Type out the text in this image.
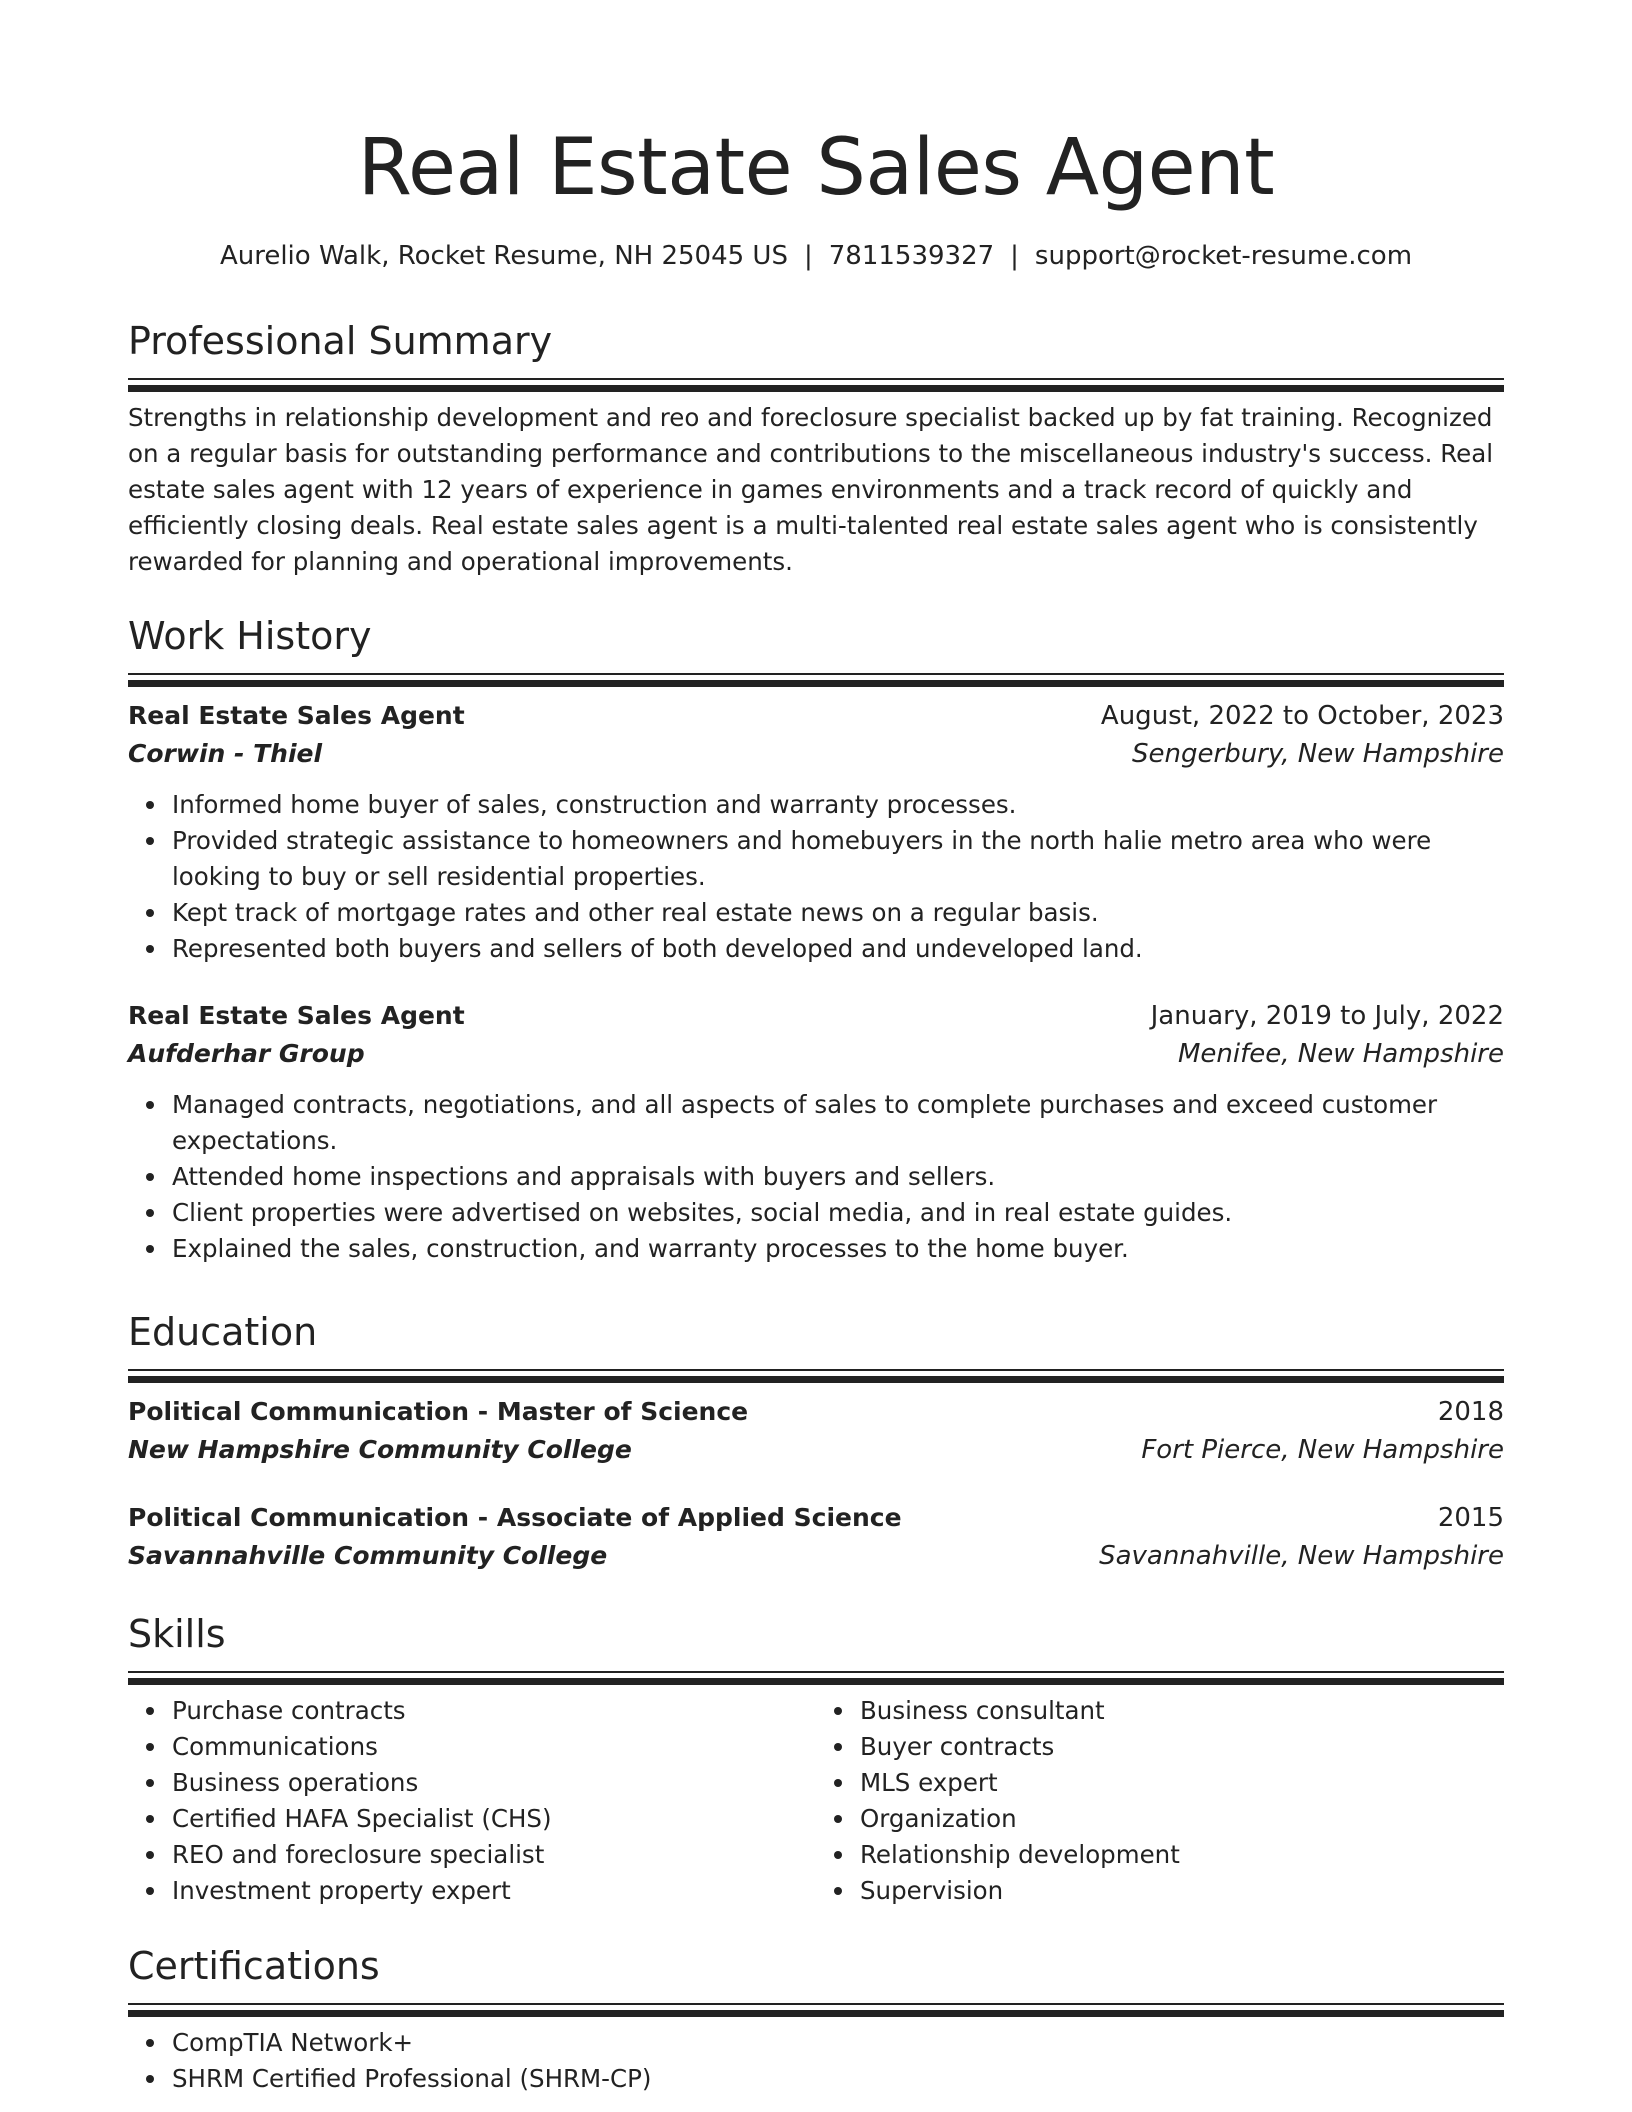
Real Estate Sales Agent
Aurelio Walk, Rocket Resume, NH 25045 US | 7811539327 | support@rocket-resume.com
Professional Summary

Strengths in relationship development and reo and foreclosure specialist backed up by fat training. Recognized on a regular basis for outstanding performance and contributions to the miscellaneous industry's success. Real estate sales agent with 12 years of experience in games environments and a track record of quickly and efficiently closing deals. Real estate sales agent is a multi-talented real estate sales agent who is consistently rewarded for planning and operational improvements.

Work History
Real Estate Sales Agent	August, 2022 to October, 2023
Corwin - Thiel	Sengerbury, New Hampshire
Informed home buyer of sales, construction and warranty processes.
Provided strategic assistance to homeowners and homebuyers in the north halie metro area who were looking to buy or sell residential properties.
Kept track of mortgage rates and other real estate news on a regular basis.
Represented both buyers and sellers of both developed and undeveloped land.
Real Estate Sales Agent	January, 2019 to July, 2022
Aufderhar Group	Menifee, New Hampshire
Managed contracts, negotiations, and all aspects of sales to complete purchases and exceed customer expectations.
Attended home inspections and appraisals with buyers and sellers.
Client properties were advertised on websites, social media, and in real estate guides.
Explained the sales, construction, and warranty processes to the home buyer.
Education
Political Communication - Master of Science	2018
New Hampshire Community College	Fort Pierce, New Hampshire
Political Communication - Associate of Applied Science	2015
Savannahville Community College	Savannahville, New Hampshire
Skills
Purchase contracts
Communications
Business operations
Certified HAFA Specialist (CHS)
REO and foreclosure specialist
Investment property expert
Business consultant
Buyer contracts
MLS expert
Organization
Relationship development
Supervision
Certifications
CompTIA Network+
SHRM Certified Professional (SHRM-CP)
